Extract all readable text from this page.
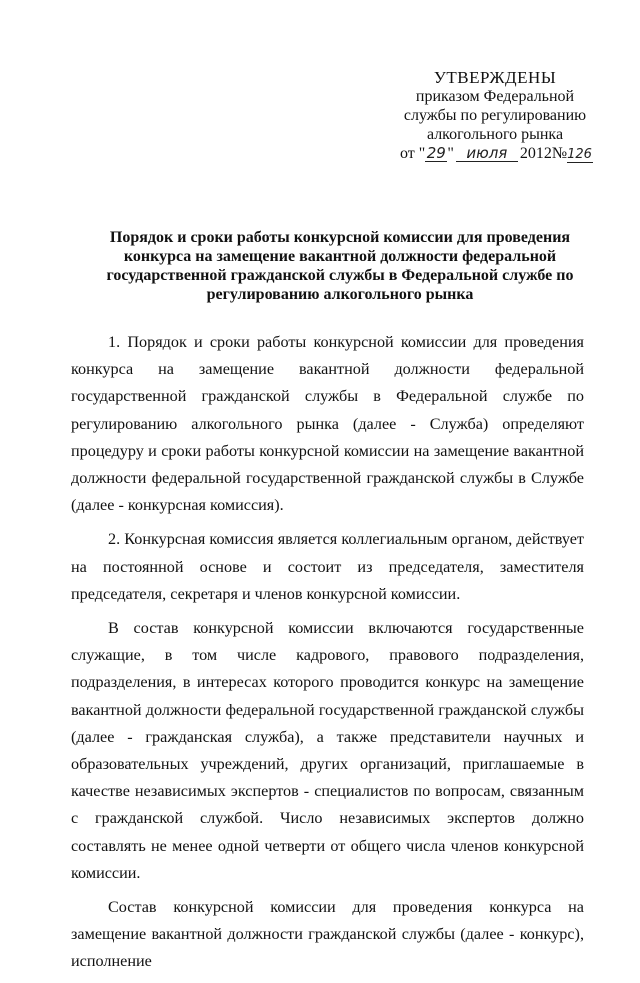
УТВЕРЖДЕНЫ
приказом Федеральной
службы по регулированию
алкогольного рынка
от "29" июля 2012№126
Порядок и сроки работы конкурсной комиссии для проведения конкурса на замещение вакантной должности федеральной государственной гражданской службы в Федеральной службе по регулированию алкогольного рынка

1. Порядок и сроки работы конкурсной комиссии для проведения конкурса на замещение вакантной должности федеральной государственной гражданской службы в Федеральной службе по регулированию алкогольного рынка (далее - Служба) определяют процедуру и сроки работы конкурсной комиссии на замещение вакантной должности федеральной государственной гражданской службы в Службе (далее - конкурсная комиссия).

2. Конкурсная комиссия является коллегиальным органом, действует на постоянной основе и состоит из председателя, заместителя председателя, секретаря и членов конкурсной комиссии.

В состав конкурсной комиссии включаются государственные служащие, в том числе кадрового, правового подразделения, подразделения, в интересах которого проводится конкурс на замещение вакантной должности федеральной государственной гражданской службы (далее - гражданская служба), а также представители научных и образовательных учреждений, других организаций, приглашаемые в качестве независимых экспертов - специалистов по вопросам, связанным с гражданской службой. Число независимых экспертов должно составлять не менее одной четверти от общего числа членов конкурсной комиссии.

Состав конкурсной комиссии для проведения конкурса на замещение вакантной должности гражданской службы (далее - конкурс), исполнение
